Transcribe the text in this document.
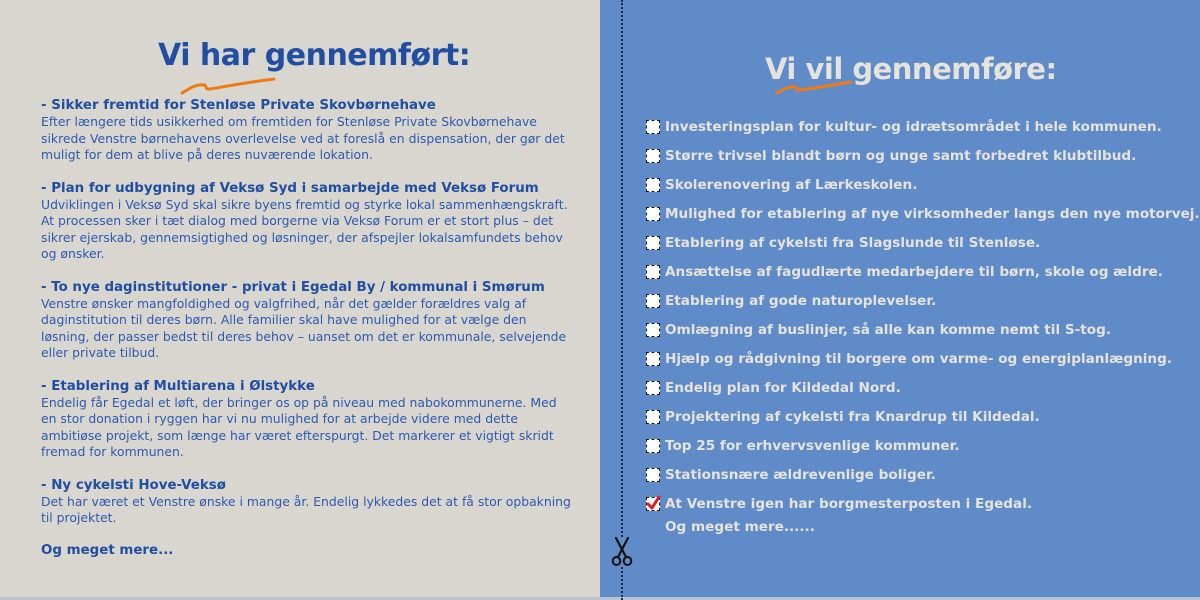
Vi har gennemført:
- Sikker fremtid for Stenløse Private Skovbørnehave
Efter længere tids usikkerhed om fremtiden for Stenløse Private Skovbørnehave sikrede Venstre børnehavens overlevelse ved at foreslå en dispensation, der gør det muligt for dem at blive på deres nuværende lokation.
- Plan for udbygning af Veksø Syd i samarbejde med Veksø Forum
Udviklingen i Veksø Syd skal sikre byens fremtid og styrke lokal sammenhængskraft. At processen sker i tæt dialog med borgerne via Veksø Forum er et stort plus – det sikrer ejerskab, gennemsigtighed og løsninger, der afspejler lokalsamfundets behov og ønsker.
- To nye daginstitutioner - privat i Egedal By / kommunal i Smørum
Venstre ønsker mangfoldighed og valgfrihed, når det gælder forældres valg af daginstitution til deres børn. Alle familier skal have mulighed for at vælge den løsning, der passer bedst til deres behov – uanset om det er kommunale, selvejende eller private tilbud.
- Etablering af Multiarena i Ølstykke
Endelig får Egedal et løft, der bringer os op på niveau med nabokommunerne. Med en stor donation i ryggen har vi nu mulighed for at arbejde videre med dette ambitiøse projekt, som længe har været efterspurgt. Det markerer et vigtigt skridt fremad for kommunen.
- Ny cykelsti Hove-Veksø
Det har været et Venstre ønske i mange år. Endelig lykkedes det at få stor opbakning til projektet.
Og meget mere...
Vi vil gennemføre:
Investeringsplan for kultur- og idrætsområdet i hele kommunen.
Større trivsel blandt børn og unge samt forbedret klubtilbud.
Skolerenovering af Lærkeskolen.
Mulighed for etablering af nye virksomheder langs den nye motorvej.
Etablering af cykelsti fra Slagslunde til Stenløse.
Ansættelse af fagudlærte medarbejdere til børn, skole og ældre.
Etablering af gode naturoplevelser.
Omlægning af buslinjer, så alle kan komme nemt til S-tog.
Hjælp og rådgivning til borgere om varme- og energiplanlægning.
Endelig plan for Kildedal Nord.
Projektering af cykelsti fra Knardrup til Kildedal.
Top 25 for erhvervsvenlige kommuner.
Stationsnære ældrevenlige boliger.
At Venstre igen har borgmesterposten i Egedal.
Og meget mere......
